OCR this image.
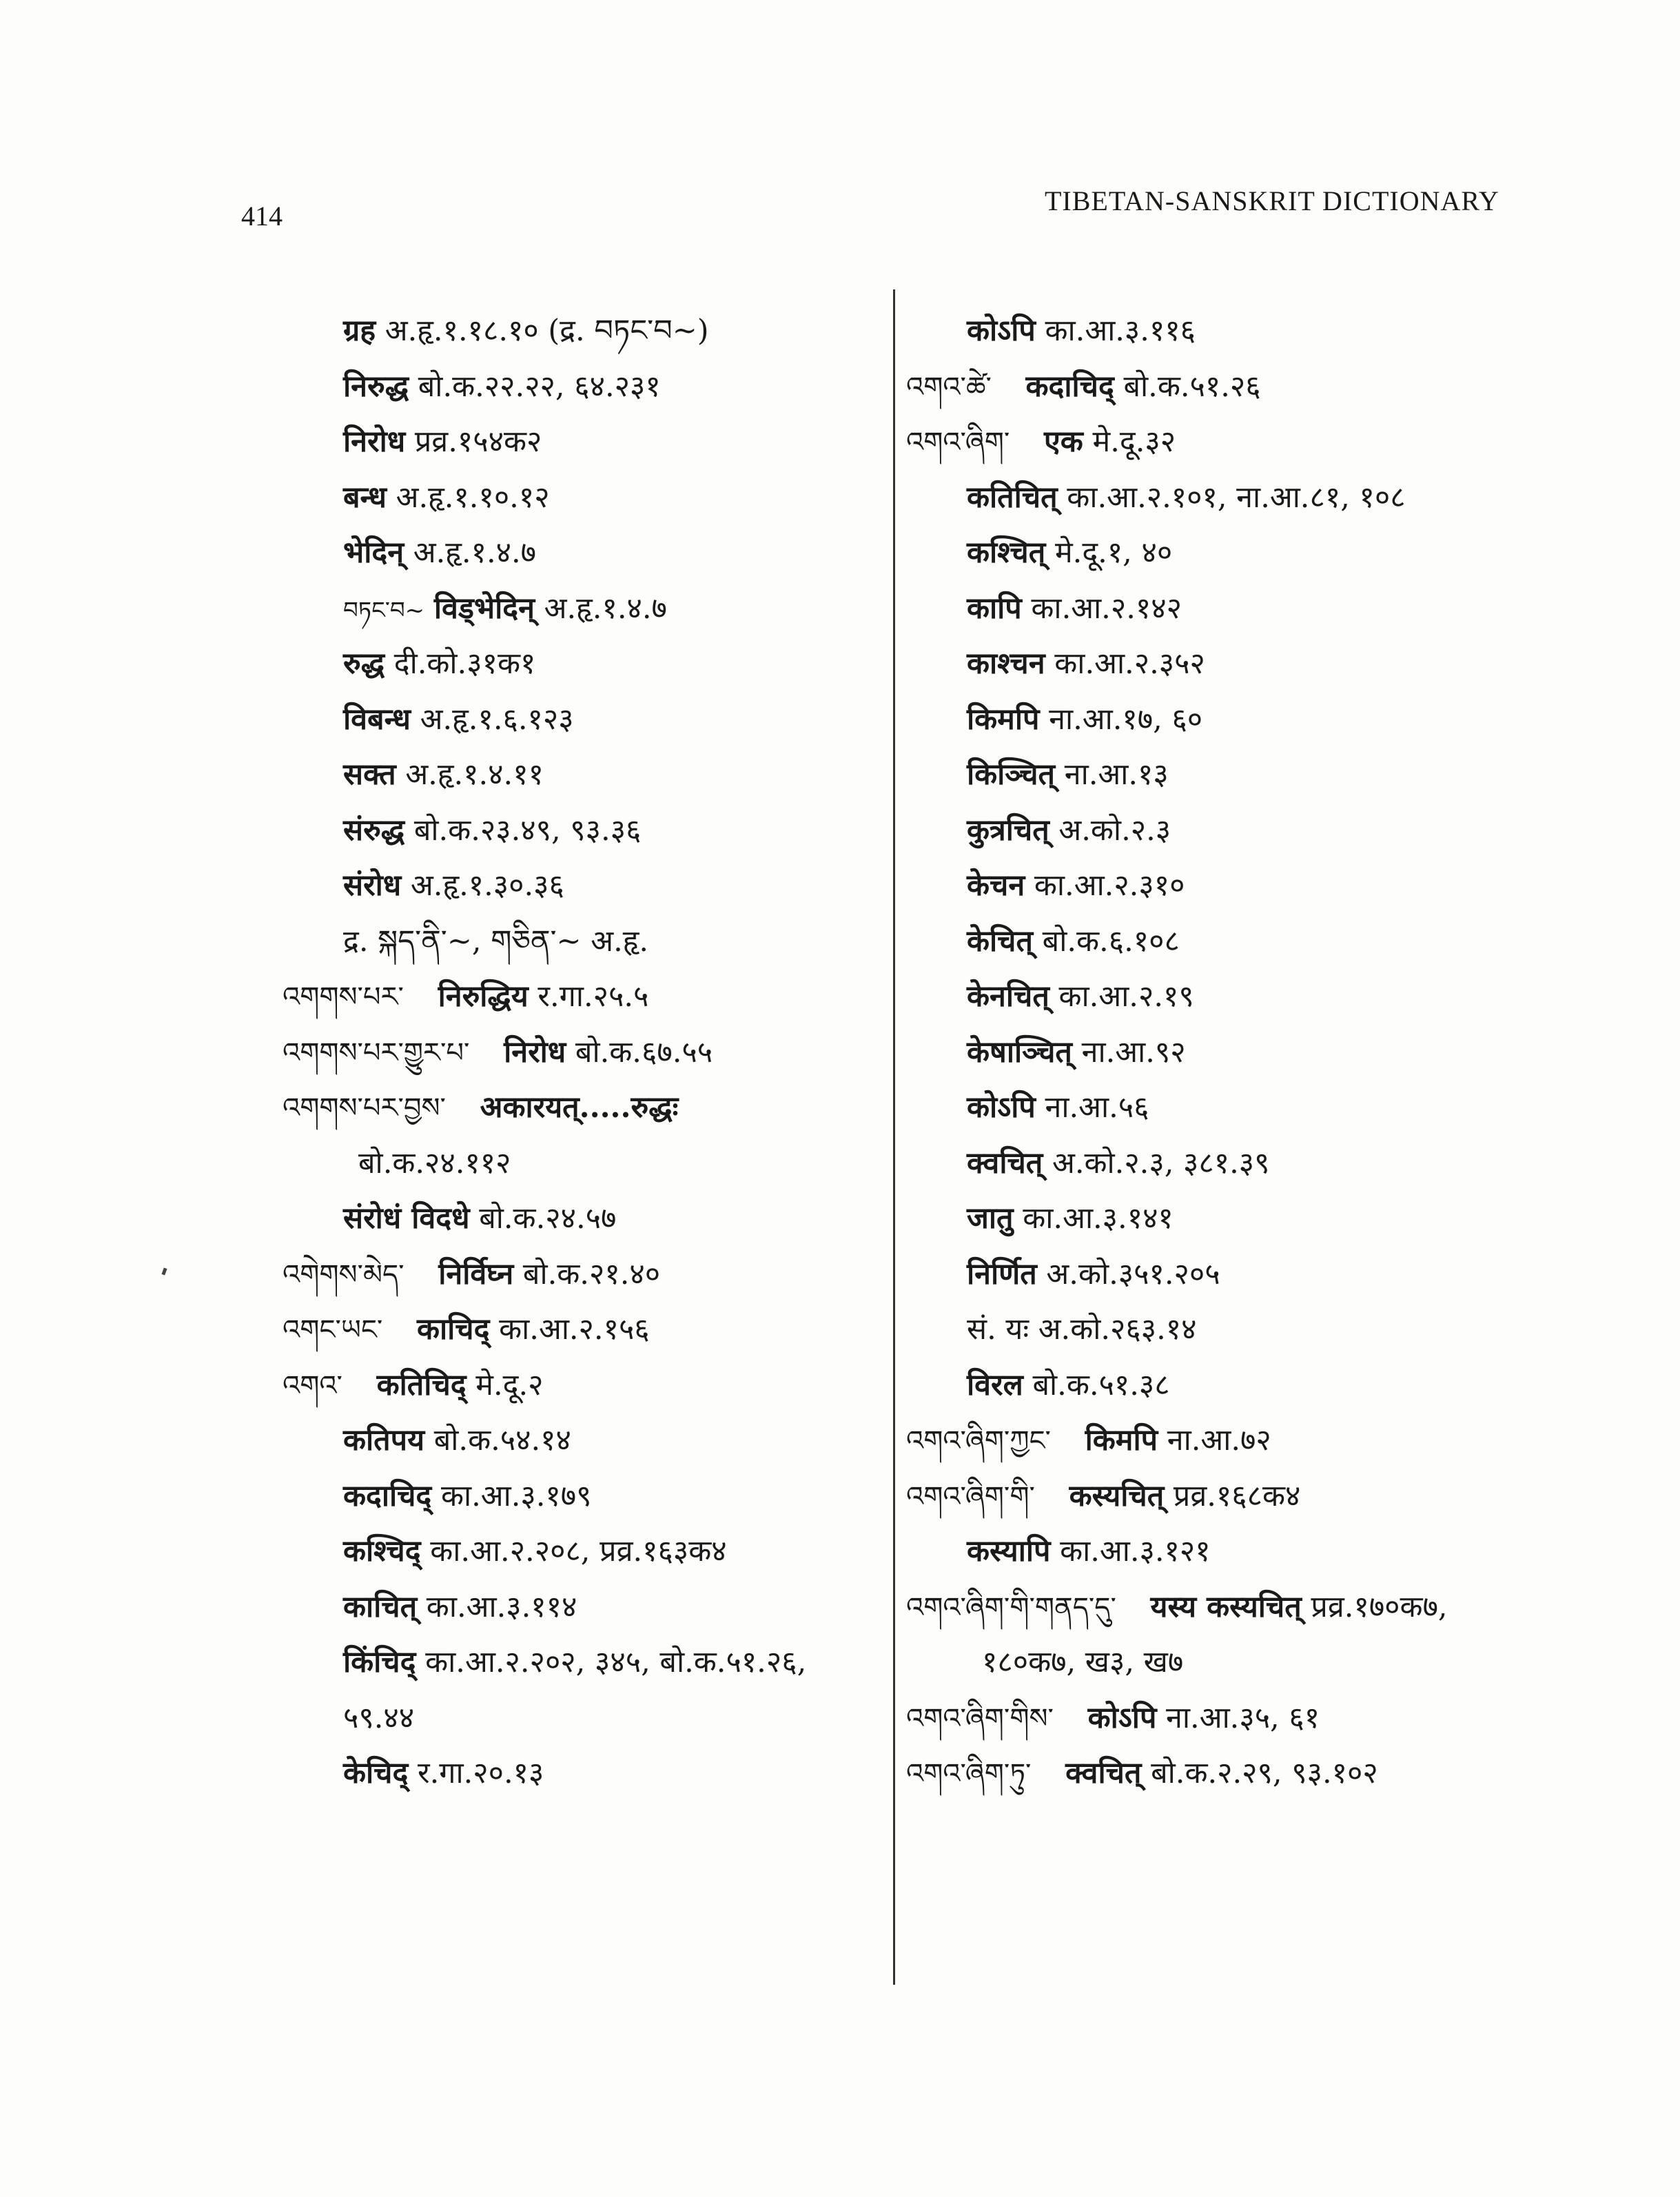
414	TIBETAN-SANSKRIT DICTIONARY
ग्रह अ.हृ.१.१८.१० (द्र. བཏང་བ~)
निरुद्ध बो.क.२२.२२, ६४.२३१
निरोध प्रव्र.१५४क२
बन्ध अ.हृ.१.१०.१२
भेदिन् अ.हृ.१.४.७
བཏང་བ~ विड्भेदिन् अ.हृ.१.४.७
रुद्ध दी.को.३१क१
विबन्ध अ.हृ.१.६.१२३
सक्त अ.हृ.१.४.११
संरुद्ध बो.क.२३.४९, ९३.३६
संरोध अ.हृ.१.३०.३६
द्र. སྐད་ནི་~, གཅིན་~ अ.हृ.
འགགས་པར་ निरुद्धिय र.गा.२५.५
འགགས་པར་གྱུར་པ་ निरोध बो.क.६७.५५
འགགས་པར་བྱས་ अकारयत्.....रुद्धः
बो.क.२४.११२
संरोधं विदधे बो.क.२४.५७
འགེགས་མེད་ निर्विघ्न बो.क.२१.४०
འགང་ཡང་ काचिद् का.आ.२.१५६
འགའ་ कतिचिद् मे.दू.२
कतिपय बो.क.५४.१४
कदाचिद् का.आ.३.१७९
कश्चिद् का.आ.२.२०८, प्रव्र.१६३क४
काचित् का.आ.३.११४
किंचिद् का.आ.२.२०२, ३४५, बो.क.५१.२६,
५९.४४
केचिद् र.गा.२०.१३
कोऽपि का.आ.३.११६
འགའ་ཚེ་ कदाचिद् बो.क.५१.२६
འགའ་ཞིག་ एक मे.दू.३२
कतिचित् का.आ.२.१०१, ना.आ.८१, १०८
कश्चित् मे.दू.१, ४०
कापि का.आ.२.१४२
काश्चन का.आ.२.३५२
किमपि ना.आ.१७, ६०
किञ्चित् ना.आ.१३
कुत्रचित् अ.को.२.३
केचन का.आ.२.३१०
केचित् बो.क.६.१०८
केनचित् का.आ.२.१९
केषाञ्चित् ना.आ.९२
कोऽपि ना.आ.५६
क्वचित् अ.को.२.३, ३८१.३९
जातु का.आ.३.१४१
निर्णित अ.को.३५१.२०५
सं. यः अ.को.२६३.१४
विरल बो.क.५१.३८
འགའ་ཞིག་ཀྱང་ किमपि ना.आ.७२
འགའ་ཞིག་གི་ कस्यचित् प्रव्र.१६८क४
कस्यापि का.आ.३.१२१
འགའ་ཞིག་གི་གནད་དུ་ यस्य कस्यचित् प्रव्र.१७०क७,
१८०क७, ख३, ख७
འགའ་ཞིག་གིས་ कोऽपि ना.आ.३५, ६१
འགའ་ཞིག་ཏུ་ क्वचित् बो.क.२.२९, ९३.१०२
